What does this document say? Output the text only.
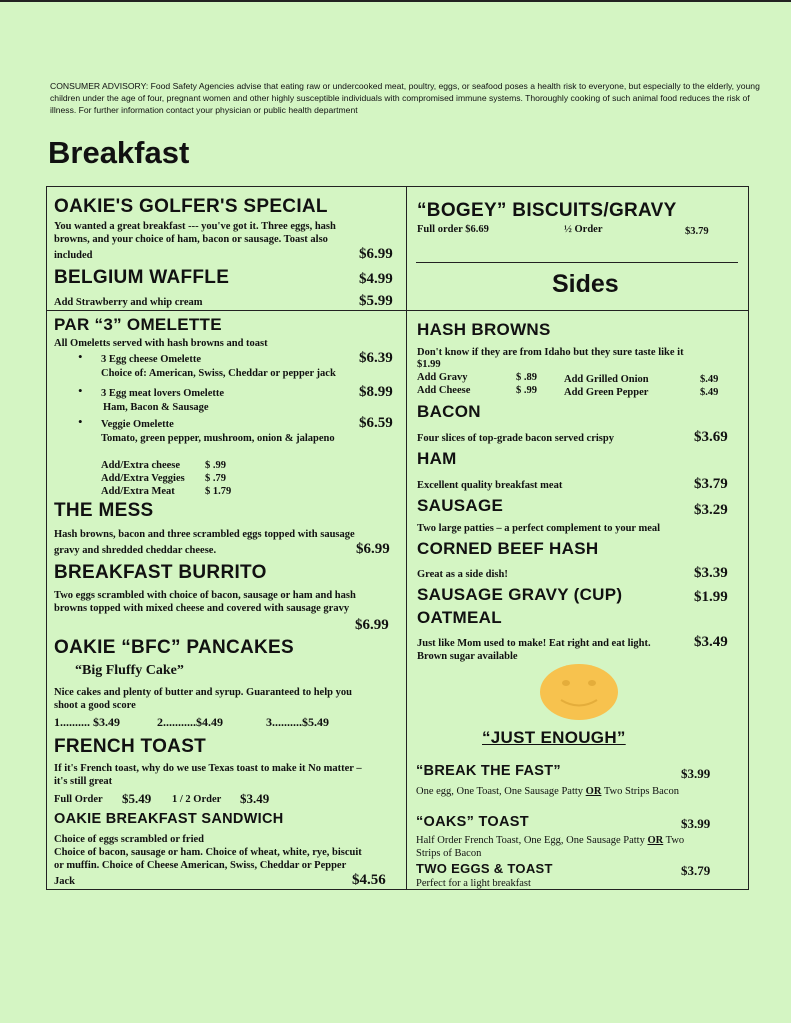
CONSUMER ADVISORY: Food Safety Agencies advise that eating raw or undercooked meat, poultry, eggs, or seafood poses a health risk to everyone, but especially to the elderly, young children under the age of four, pregnant women and other highly susceptible individuals with compromised immune systems. Thoroughly cooking of such animal food reduces the risk of illness. For further information contact your physician or public health department
Breakfast
OAKIE'S GOLFER'S SPECIAL
You wanted a great breakfast --- you've got it. Three eggs, hash
browns, and your choice of ham, bacon or sausage. Toast also
included	$6.99
BELGIUM WAFFLE	$4.99
Add Strawberry and whip cream	$5.99
PAR “3” OMELETTE
All Omeletts served with hash browns and toast
• 3 Egg cheese Omelette	$6.39
Choice of: American, Swiss, Cheddar or pepper jack
• 3 Egg meat lovers Omelette	$8.99
Ham, Bacon & Sausage
• Veggie Omelette	$6.59
Tomato, green pepper, mushroom, onion & jalapeno
Add/Extra cheese $ .99
Add/Extra Veggies $ .79
Add/Extra Meat	$ 1.79
THE MESS
Hash browns, bacon and three scrambled eggs topped with sausage
gravy and shredded cheddar cheese.	$6.99
BREAKFAST BURRITO
Two eggs scrambled with choice of bacon, sausage or ham and hash
browns topped with mixed cheese and covered with sausage gravy
$6.99
OAKIE “BFC” PANCAKES
“Big Fluffy Cake”
Nice cakes and plenty of butter and syrup. Guaranteed to help you
shoot a good score
1.......... $3.49	2...........$4.49	3..........$5.49
FRENCH TOAST
If it's French toast, why do we use Texas toast to make it No matter –
it's still great
Full Order $5.49 1 / 2 Order $3.49
OAKIE BREAKFAST SANDWICH
Choice of eggs scrambled or fried
Choice of bacon, sausage or ham. Choice of wheat, white, rye, biscuit
or muffin. Choice of Cheese American, Swiss, Cheddar or Pepper
Jack	$4.56
“BOGEY” BISCUITS/GRAVY
Full order $6.69	½ Order	$3.79
Sides
HASH BROWNS
Don't know if they are from Idaho but they sure taste like it
$1.99
Add Gravy	$ .89
Add Cheese	$ .99
Add Grilled Onion	$.49
Add Green Pepper	$.49
BACON
Four slices of top-grade bacon served crispy	$3.69
HAM
Excellent quality breakfast meat	$3.79
SAUSAGE	$3.29
Two large patties – a perfect complement to your meal
CORNED BEEF HASH
Great as a side dish!	$3.39
SAUSAGE GRAVY (CUP)	$1.99
OATMEAL
Just like Mom used to make! Eat right and eat light.
Brown sugar available
$3.49
“JUST ENOUGH”
“BREAK THE FAST”	$3.99
One egg, One Toast, One Sausage Patty OR Two Strips Bacon
“OAKS” TOAST	$3.99
Half Order French Toast, One Egg, One Sausage Patty OR Two
Strips of Bacon
TWO EGGS & TOAST	$3.79
Perfect for a light breakfast
